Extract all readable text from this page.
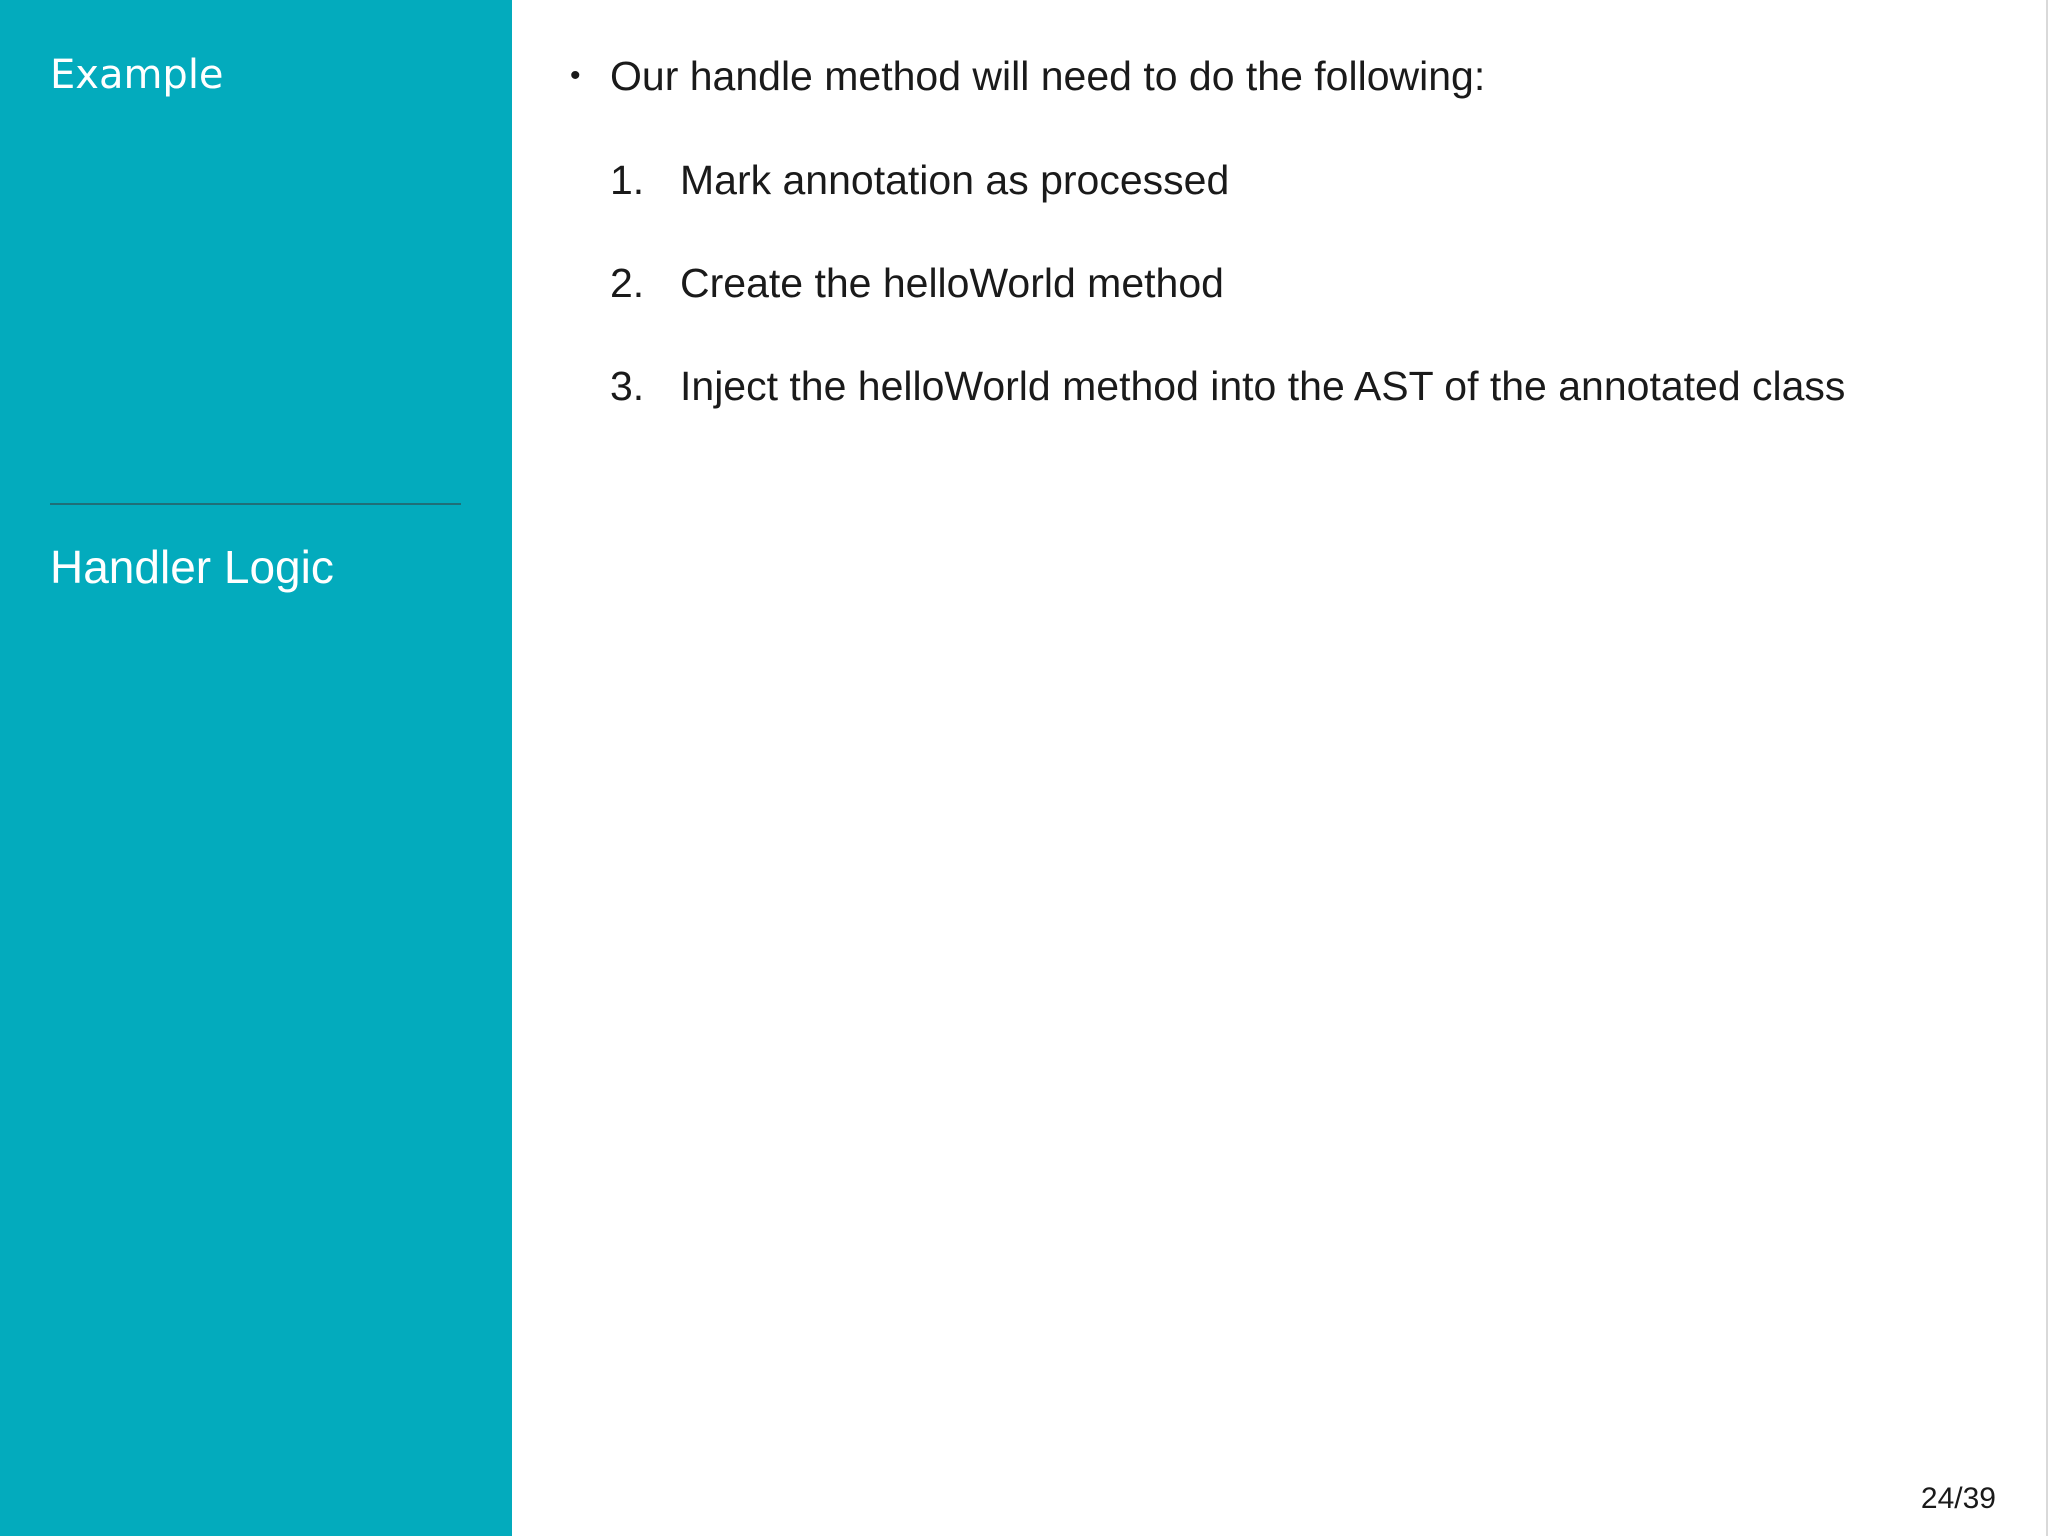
Example
Handler Logic
• Our handle method will need to do the following:
1. Mark annotation as processed
2. Create the helloWorld method
3. Inject the helloWorld method into the AST of the annotated class
24/39
